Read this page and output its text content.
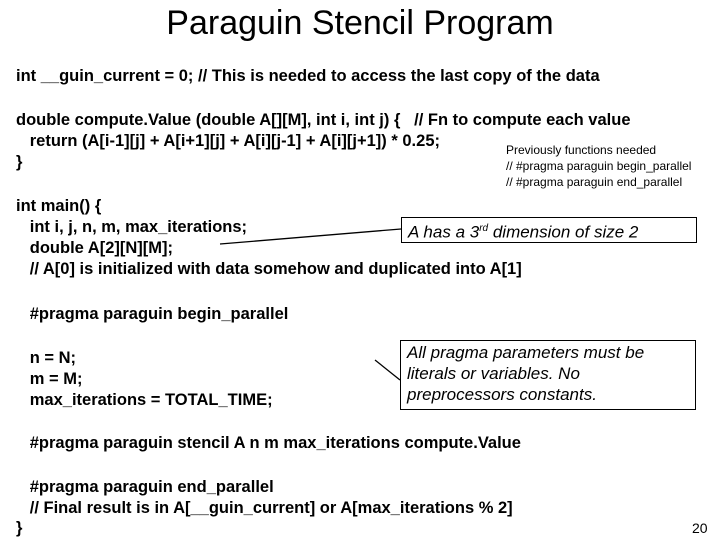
Paraguin Stencil Program
int __guin_current = 0; // This is needed to access the last copy of the data
double compute.Value (double A[][M], int i, int j) {   // Fn to compute each value
return (A[i-1][j] + A[i+1][j] + A[i][j-1] + A[i][j+1]) * 0.25;
}
Previously functions needed
// #pragma paraguin begin_parallel
// #pragma paraguin end_parallel
int main() {
int i, j, n, m, max_iterations;
double A[2][N][M];
// A[0] is initialized with data somehow and duplicated into A[1]
#pragma paraguin begin_parallel
n = N;
m = M;
max_iterations = TOTAL_TIME;
#pragma paraguin stencil A n m max_iterations compute.Value
#pragma paraguin end_parallel
// Final result is in A[__guin_current] or A[max_iterations % 2]
}
A has a 3rd dimension of size 2
All pragma parameters must be
literals or variables. No
preprocessors constants.
20
